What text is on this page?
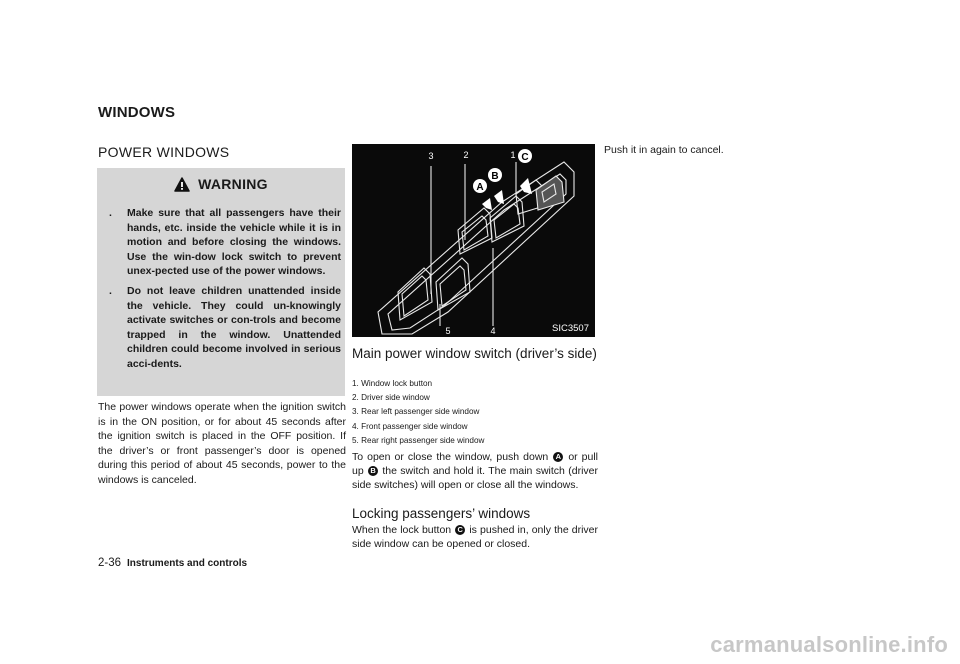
WINDOWS
POWER WINDOWS
WARNING
. Make sure that all passengers have their hands, etc. inside the vehicle while it is in motion and before closing the windows. Use the win-dow lock switch to prevent unex-pected use of the power windows.
. Do not leave children unattended inside the vehicle. They could un-knowingly activate switches or con-trols and become trapped in the window. Unattended children could become involved in serious acci-dents.

The power windows operate when the ignition switch is in the ON position, or for about 45 seconds after the ignition switch is placed in the OFF position. If the driver’s or front passenger’s door is opened during this period of about 45 seconds, power to the windows is canceled.

A
B
C
3	2	1
5	4	SIC3507
Main power window switch (driver’s side)
1. Window lock button
2. Driver side window
3. Rear left passenger side window
4. Front passenger side window
5. Rear right passenger side window

To open or close the window, push down A or pull up B the switch and hold it. The main switch (driver side switches) will open or close all the windows.

Locking passengers’ windows

When the lock button C is pushed in, only the driver side window can be opened or closed.

Push it in again to cancel.

2-36 Instruments and controls
carmanualsonline.info
